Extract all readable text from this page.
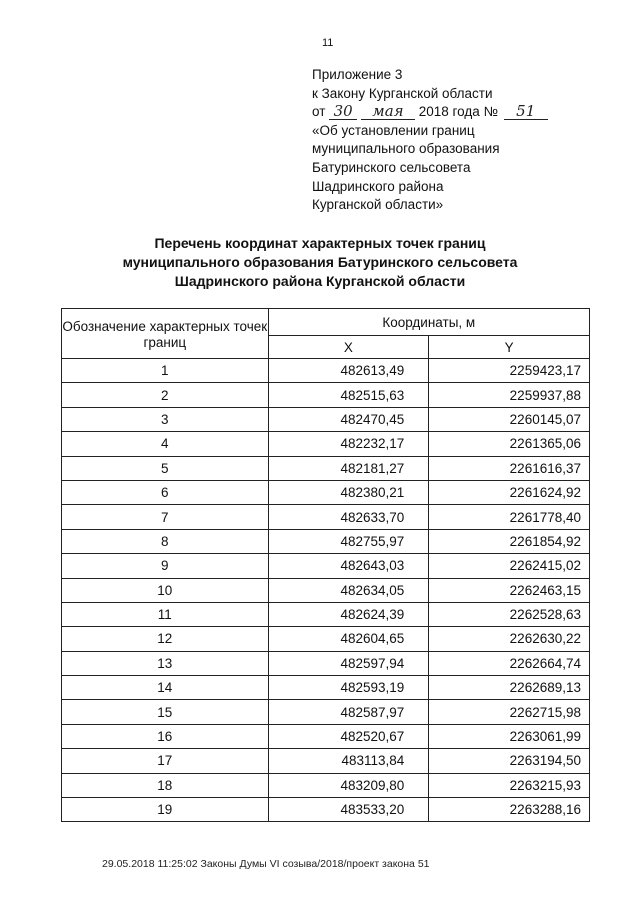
11
Приложение 3
к Закону Курганской области
от 30 мая 2018 года № 51
«Об установлении границ
муниципального образования
Батуринского сельсовета
Шадринского района
Курганской области»
Перечень координат характерных точек границ
муниципального образования Батуринского сельсовета
Шадринского района Курганской области
Обозначение характерных точек границ	Координаты, м	
	X	Y
1	482613,49	2259423,17
2	482515,63	2259937,88
3	482470,45	2260145,07
4	482232,17	2261365,06
5	482181,27	2261616,37
6	482380,21	2261624,92
7	482633,70	2261778,40
8	482755,97	2261854,92
9	482643,03	2262415,02
10	482634,05	2262463,15
11	482624,39	2262528,63
12	482604,65	2262630,22
13	482597,94	2262664,74
14	482593,19	2262689,13
15	482587,97	2262715,98
16	482520,67	2263061,99
17	483113,84	2263194,50
18	483209,80	2263215,93
19	483533,20	2263288,16
29.05.2018 11:25:02 Законы Думы VI созыва/2018/проект закона 51
